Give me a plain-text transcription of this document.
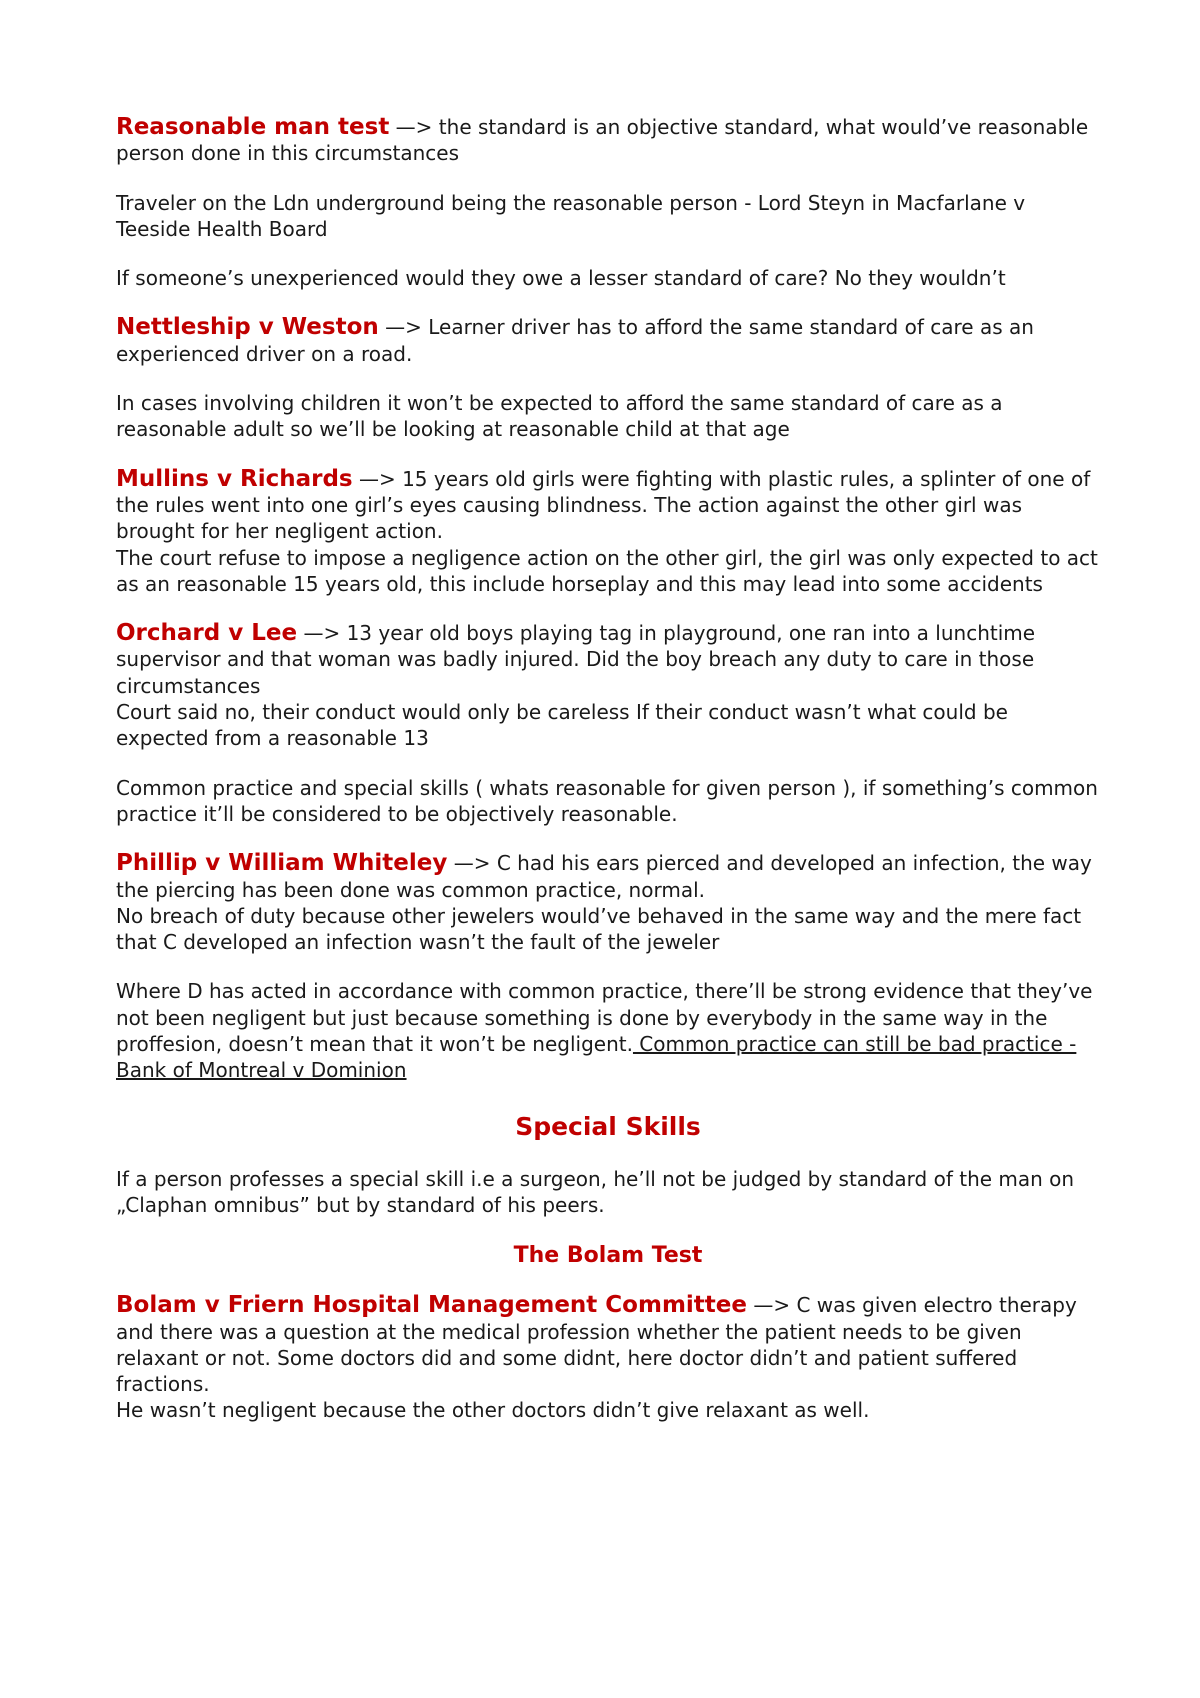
Reasonable man test —> the standard is an objective standard, what would’ve reasonable person done in this circumstances

Traveler on the Ldn underground being the reasonable person - Lord Steyn in Macfarlane v Teeside Health Board

If someone’s unexperienced would they owe a lesser standard of care? No they wouldn’t

Nettleship v Weston —> Learner driver has to afford the same standard of care as an experienced driver on a road.

In cases involving children it won’t be expected to afford the same standard of care as a reasonable adult so we’ll be looking at reasonable child at that age

Mullins v Richards —> 15 years old girls were fighting with plastic rules, a splinter of one of the rules went into one girl’s eyes causing blindness. The action against the other girl was brought for her negligent action.
The court refuse to impose a negligence action on the other girl, the girl was only expected to act as an reasonable 15 years old, this include horseplay and this may lead into some accidents

Orchard v Lee —> 13 year old boys playing tag in playground, one ran into a lunchtime supervisor and that woman was badly injured. Did the boy breach any duty to care in those circumstances
Court said no, their conduct would only be careless If their conduct wasn’t what could be expected from a reasonable 13

Common practice and special skills ( whats reasonable for given person ), if something’s common practice it’ll be considered to be objectively reasonable.

Phillip v William Whiteley —> C had his ears pierced and developed an infection, the way the piercing has been done was common practice, normal.
No breach of duty because other jewelers would’ve behaved in the same way and the mere fact that C developed an infection wasn’t the fault of the jeweler

Where D has acted in accordance with common practice, there’ll be strong evidence that they’ve not been negligent but just because something is done by everybody in the same way in the proffesion, doesn’t mean that it won’t be negligent. Common practice can still be bad practice - Bank of Montreal v Dominion

Special Skills

If a person professes a special skill i.e a surgeon, he’ll not be judged by standard of the man on „Claphan omnibus” but by standard of his peers.

The Bolam Test

Bolam v Friern Hospital Management Committee —> C was given electro therapy and there was a question at the medical profession whether the patient needs to be given relaxant or not. Some doctors did and some didnt, here doctor didn’t and patient suffered fractions.
He wasn’t negligent because the other doctors didn’t give relaxant as well.
